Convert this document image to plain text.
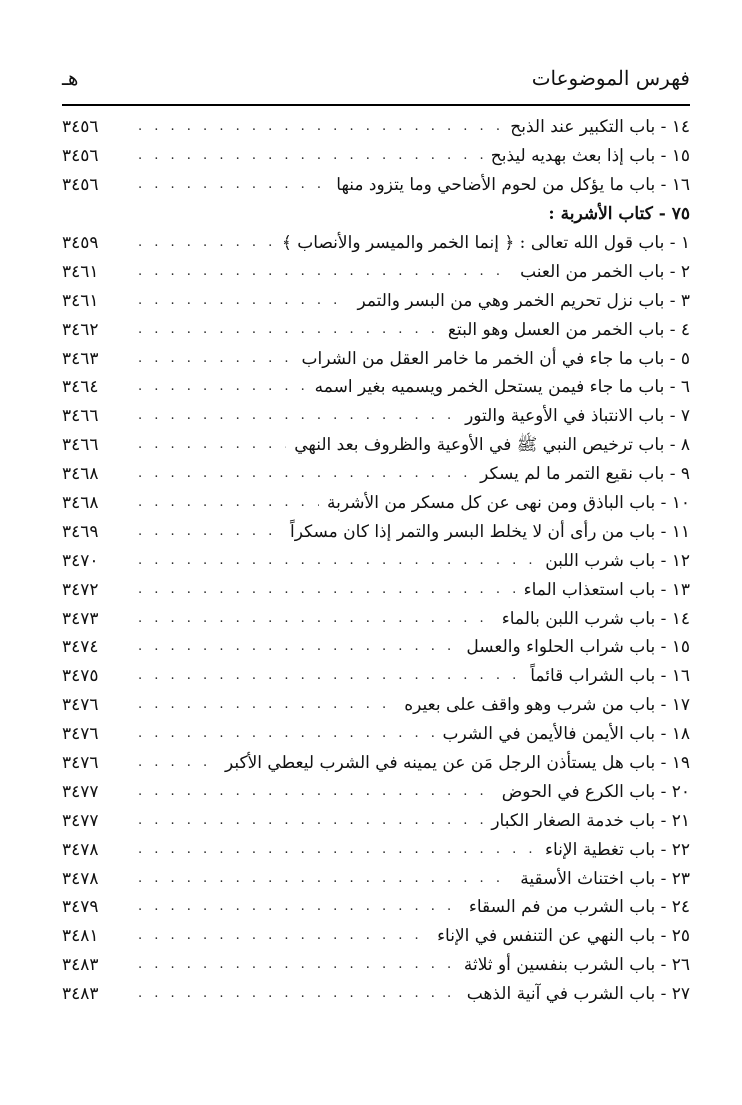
فهرس الموضوعات
هـ
١٤ - باب التكبير عند الذبح
. . .
٣٤٥٦
١٥ - باب إذا بعث بهديه ليذبح
. . .
٣٤٥٦
١٦ - باب ما يؤكل من لحوم الأضاحي وما يتزود منها
. . .
٣٤٥٦
٧٥ - كتاب الأشربة :
١ - باب قول الله تعالى : ﴿ إنما الخمر والميسر والأنصاب ﴾
. . .
٣٤٥٩
٢ - باب الخمر من العنب
. . .
٣٤٦١
٣ - باب نزل تحريم الخمر وهي من البسر والتمر
. . .
٣٤٦١
٤ - باب الخمر من العسل وهو البتع
. . .
٣٤٦٢
٥ - باب ما جاء في أن الخمر ما خامر العقل من الشراب
. . .
٣٤٦٣
٦ - باب ما جاء فيمن يستحل الخمر ويسميه بغير اسمه
. . .
٣٤٦٤
٧ - باب الانتباذ في الأوعية والتور
. . .
٣٤٦٦
٨ - باب ترخيص النبي ﷺ في الأوعية والظروف بعد النهي
. . .
٣٤٦٦
٩ - باب نقيع التمر ما لم يسكر
. . .
٣٤٦٨
١٠ - باب الباذق ومن نهى عن كل مسكر من الأشربة
. . .
٣٤٦٨
١١ - باب من رأى أن لا يخلط البسر والتمر إذا كان مسكراً
. . .
٣٤٦٩
١٢ - باب شرب اللبن
. . .
٣٤٧٠
١٣ - باب استعذاب الماء
. . .
٣٤٧٢
١٤ - باب شرب اللبن بالماء
. . .
٣٤٧٣
١٥ - باب شراب الحلواء والعسل
. . .
٣٤٧٤
١٦ - باب الشراب قائماً
. . .
٣٤٧٥
١٧ - باب من شرب وهو واقف على بعيره
. . .
٣٤٧٦
١٨ - باب الأيمن فالأيمن في الشرب
. . .
٣٤٧٦
١٩ - باب هل يستأذن الرجل مَن عن يمينه في الشرب ليعطي الأكبر
. . .
٣٤٧٦
٢٠ - باب الكرع في الحوض
. . .
٣٤٧٧
٢١ - باب خدمة الصغار الكبار
. . .
٣٤٧٧
٢٢ - باب تغطية الإناء
. . .
٣٤٧٨
٢٣ - باب اختناث الأسقية
. . .
٣٤٧٨
٢٤ - باب الشرب من فم السقاء
. . .
٣٤٧٩
٢٥ - باب النهي عن التنفس في الإناء
. . .
٣٤٨١
٢٦ - باب الشرب بنفسين أو ثلاثة
. . .
٣٤٨٣
٢٧ - باب الشرب في آنية الذهب
. . .
٣٤٨٣
